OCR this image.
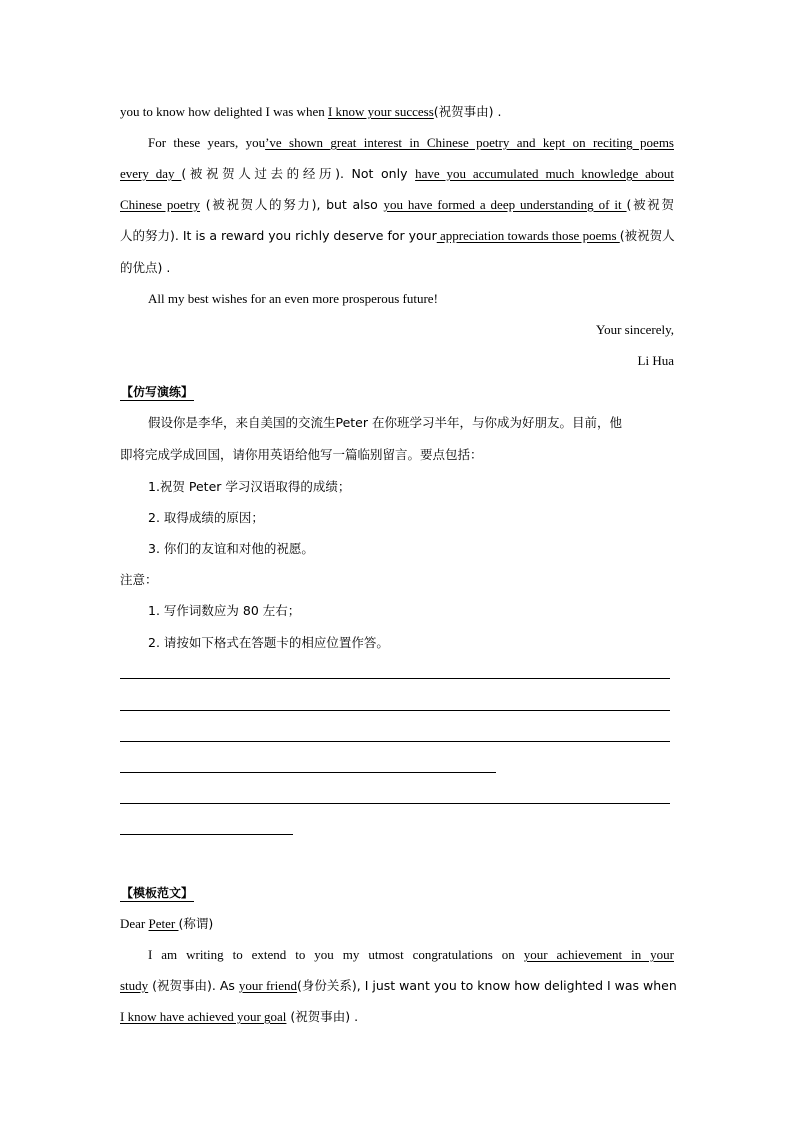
you to know how delighted I was when I know your success(祝贺事由) .
For these years, you’ve shown great interest in Chinese poetry and kept on reciting poems
every day (被祝贺人过去的经历). Not only have you accumulated much knowledge about
Chinese poetry (被祝贺人的努力), but also you have formed a deep understanding of it (被祝贺
人的努力). It is a reward you richly deserve for your appreciation towards those poems (被祝贺人
的优点) .
All my best wishes for an even more prosperous future!
Your sincerely,
Li Hua
【仿写演练】
假设你是李华，来自美国的交流生Peter 在你班学习半年，与你成为好朋友。目前，他
即将完成学成回国，请你用英语给他写一篇临别留言。要点包括：
1.祝贺 Peter 学习汉语取得的成绩；
2. 取得成绩的原因；
3. 你们的友谊和对他的祝愿。
注意：
1. 写作词数应为 80 左右；
2. 请按如下格式在答题卡的相应位置作答。
【模板范文】
Dear Peter (称谓)
I am writing to extend to you my utmost congratulations on your achievement in your
study (祝贺事由). As your friend(身份关系), I just want you to know how delighted I was when
I know have achieved your goal (祝贺事由) .
